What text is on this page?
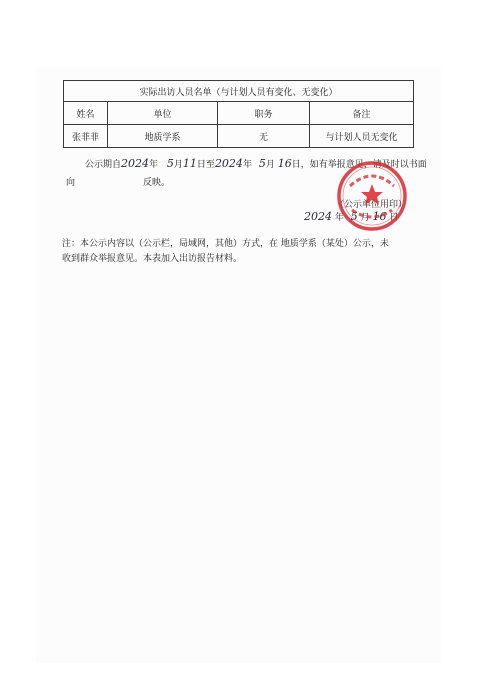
实际出访人员名单（与计划人员有变化、无变化）			
姓名	单位	职务	备注
张菲菲	地质学系	无	与计划人员无变化
公示期自2024年 5月11日至2024年 5月 16日，如有举报意见，请及时以书面
向	反映。
（公示单位用印）
2024 年 5 月 16 日
注：本公示内容以（公示栏，局域网，其他）方式，在 地质学系（某处）公示，未
收到群众举报意见。本表加入出访报告材料。
